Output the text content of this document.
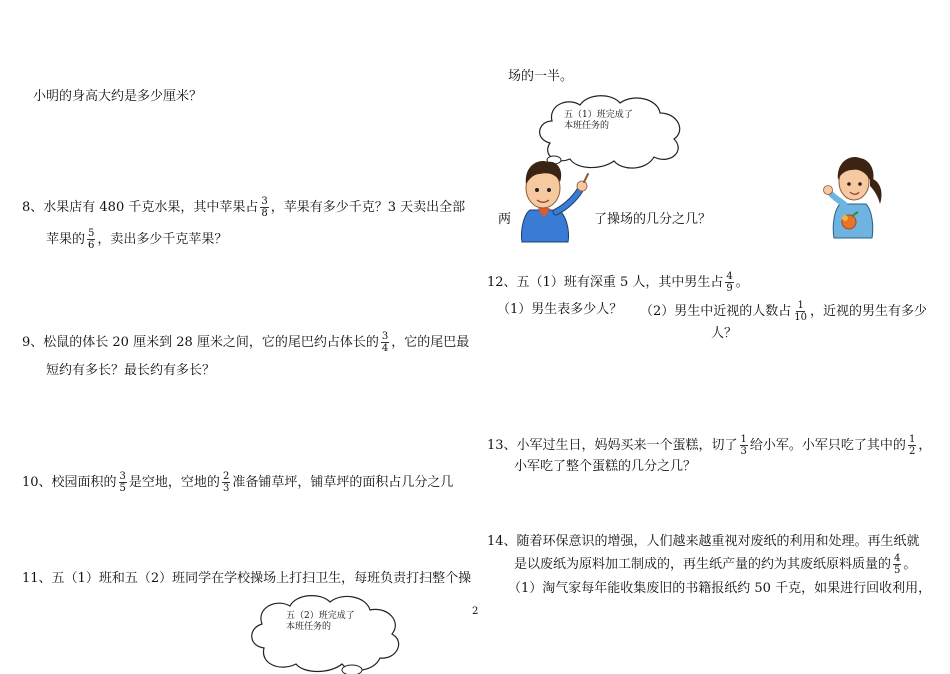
小明的身高大约是多少厘米？
8、水果店有 480 千克水果，其中苹果占 $\frac{3}{8}$ ，苹果有多少千克？3 天卖出全部
苹果的 $\frac{5}{6}$ ，卖出多少千克苹果？
9、松鼠的体长 20 厘米到 28 厘米之间，它的尾巴约占体长的 $\frac{3}{4}$ ，它的尾巴最
短约有多长？最长约有多长？
10、校园面积的 $\frac{3}{5}$ 是空地，空地的 $\frac{2}{3}$ 准备铺草坪，铺草坪的面积占几分之几
11、五（1）班和五（2）班同学在学校操场上打扫卫生，每班负责打扫整个操
五（2）班完成了
本班任务的
2
场的一半。
五（1）班完成了
本班任务的
两	了操场的几分之几？
12、五（1）班有深重 5 人，其中男生占 $\frac{4}{9}$ 。
（1）男生表多少人？ （2）男生中近视的人数占 $\frac{1}{10}$ ，近视的男生有多少
人？
13、小军过生日，妈妈买来一个蛋糕，切了 $\frac{1}{3}$ 给小军。小军只吃了其中的 $\frac{1}{2}$ ，
小军吃了整个蛋糕的几分之几？
14、随着环保意识的增强，人们越来越重视对废纸的利用和处理。再生纸就
是以废纸为原料加工制成的，再生纸产量的约为其废纸原料质量的 $\frac{4}{5}$ 。
（1）淘气家每年能收集废旧的书籍报纸约 50 千克，如果进行回收利用，
